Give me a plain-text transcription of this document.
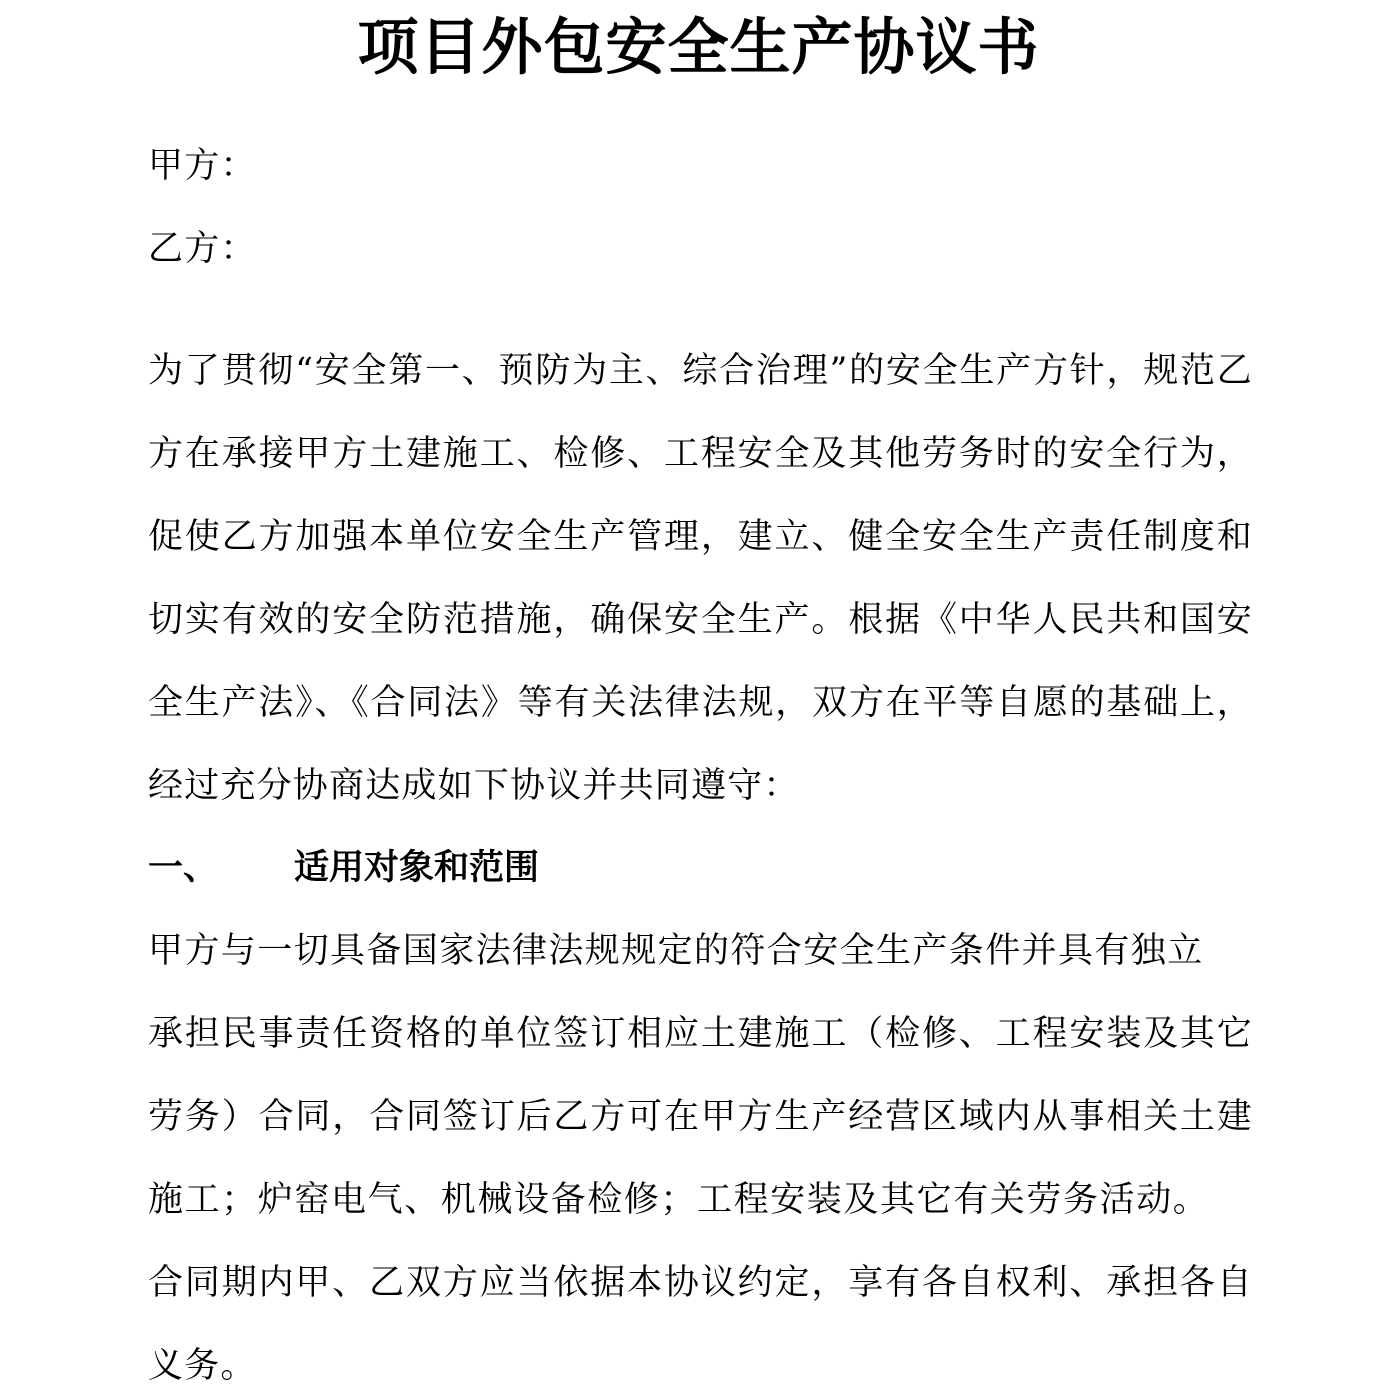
项目外包安全生产协议书

甲方：

乙方：

为了贯彻“安全第一、预防为主、综合治理”的安全生产方针，规范乙

方在承接甲方土建施工、检修、工程安全及其他劳务时的安全行为，

促使乙方加强本单位安全生产管理，建立、健全安全生产责任制度和

切实有效的安全防范措施，确保安全生产。根据《中华人民共和国安

全生产法》、《合同法》等有关法律法规，双方在平等自愿的基础上，

经过充分协商达成如下协议并共同遵守：

一、 适用对象和范围

甲方与一切具备国家法律法规规定的符合安全生产条件并具有独立

承担民事责任资格的单位签订相应土建施工（检修、工程安装及其它

劳务）合同，合同签订后乙方可在甲方生产经营区域内从事相关土建

施工；炉窑电气、机械设备检修；工程安装及其它有关劳务活动。

合同期内甲、乙双方应当依据本协议约定，享有各自权利、承担各自

义务。
